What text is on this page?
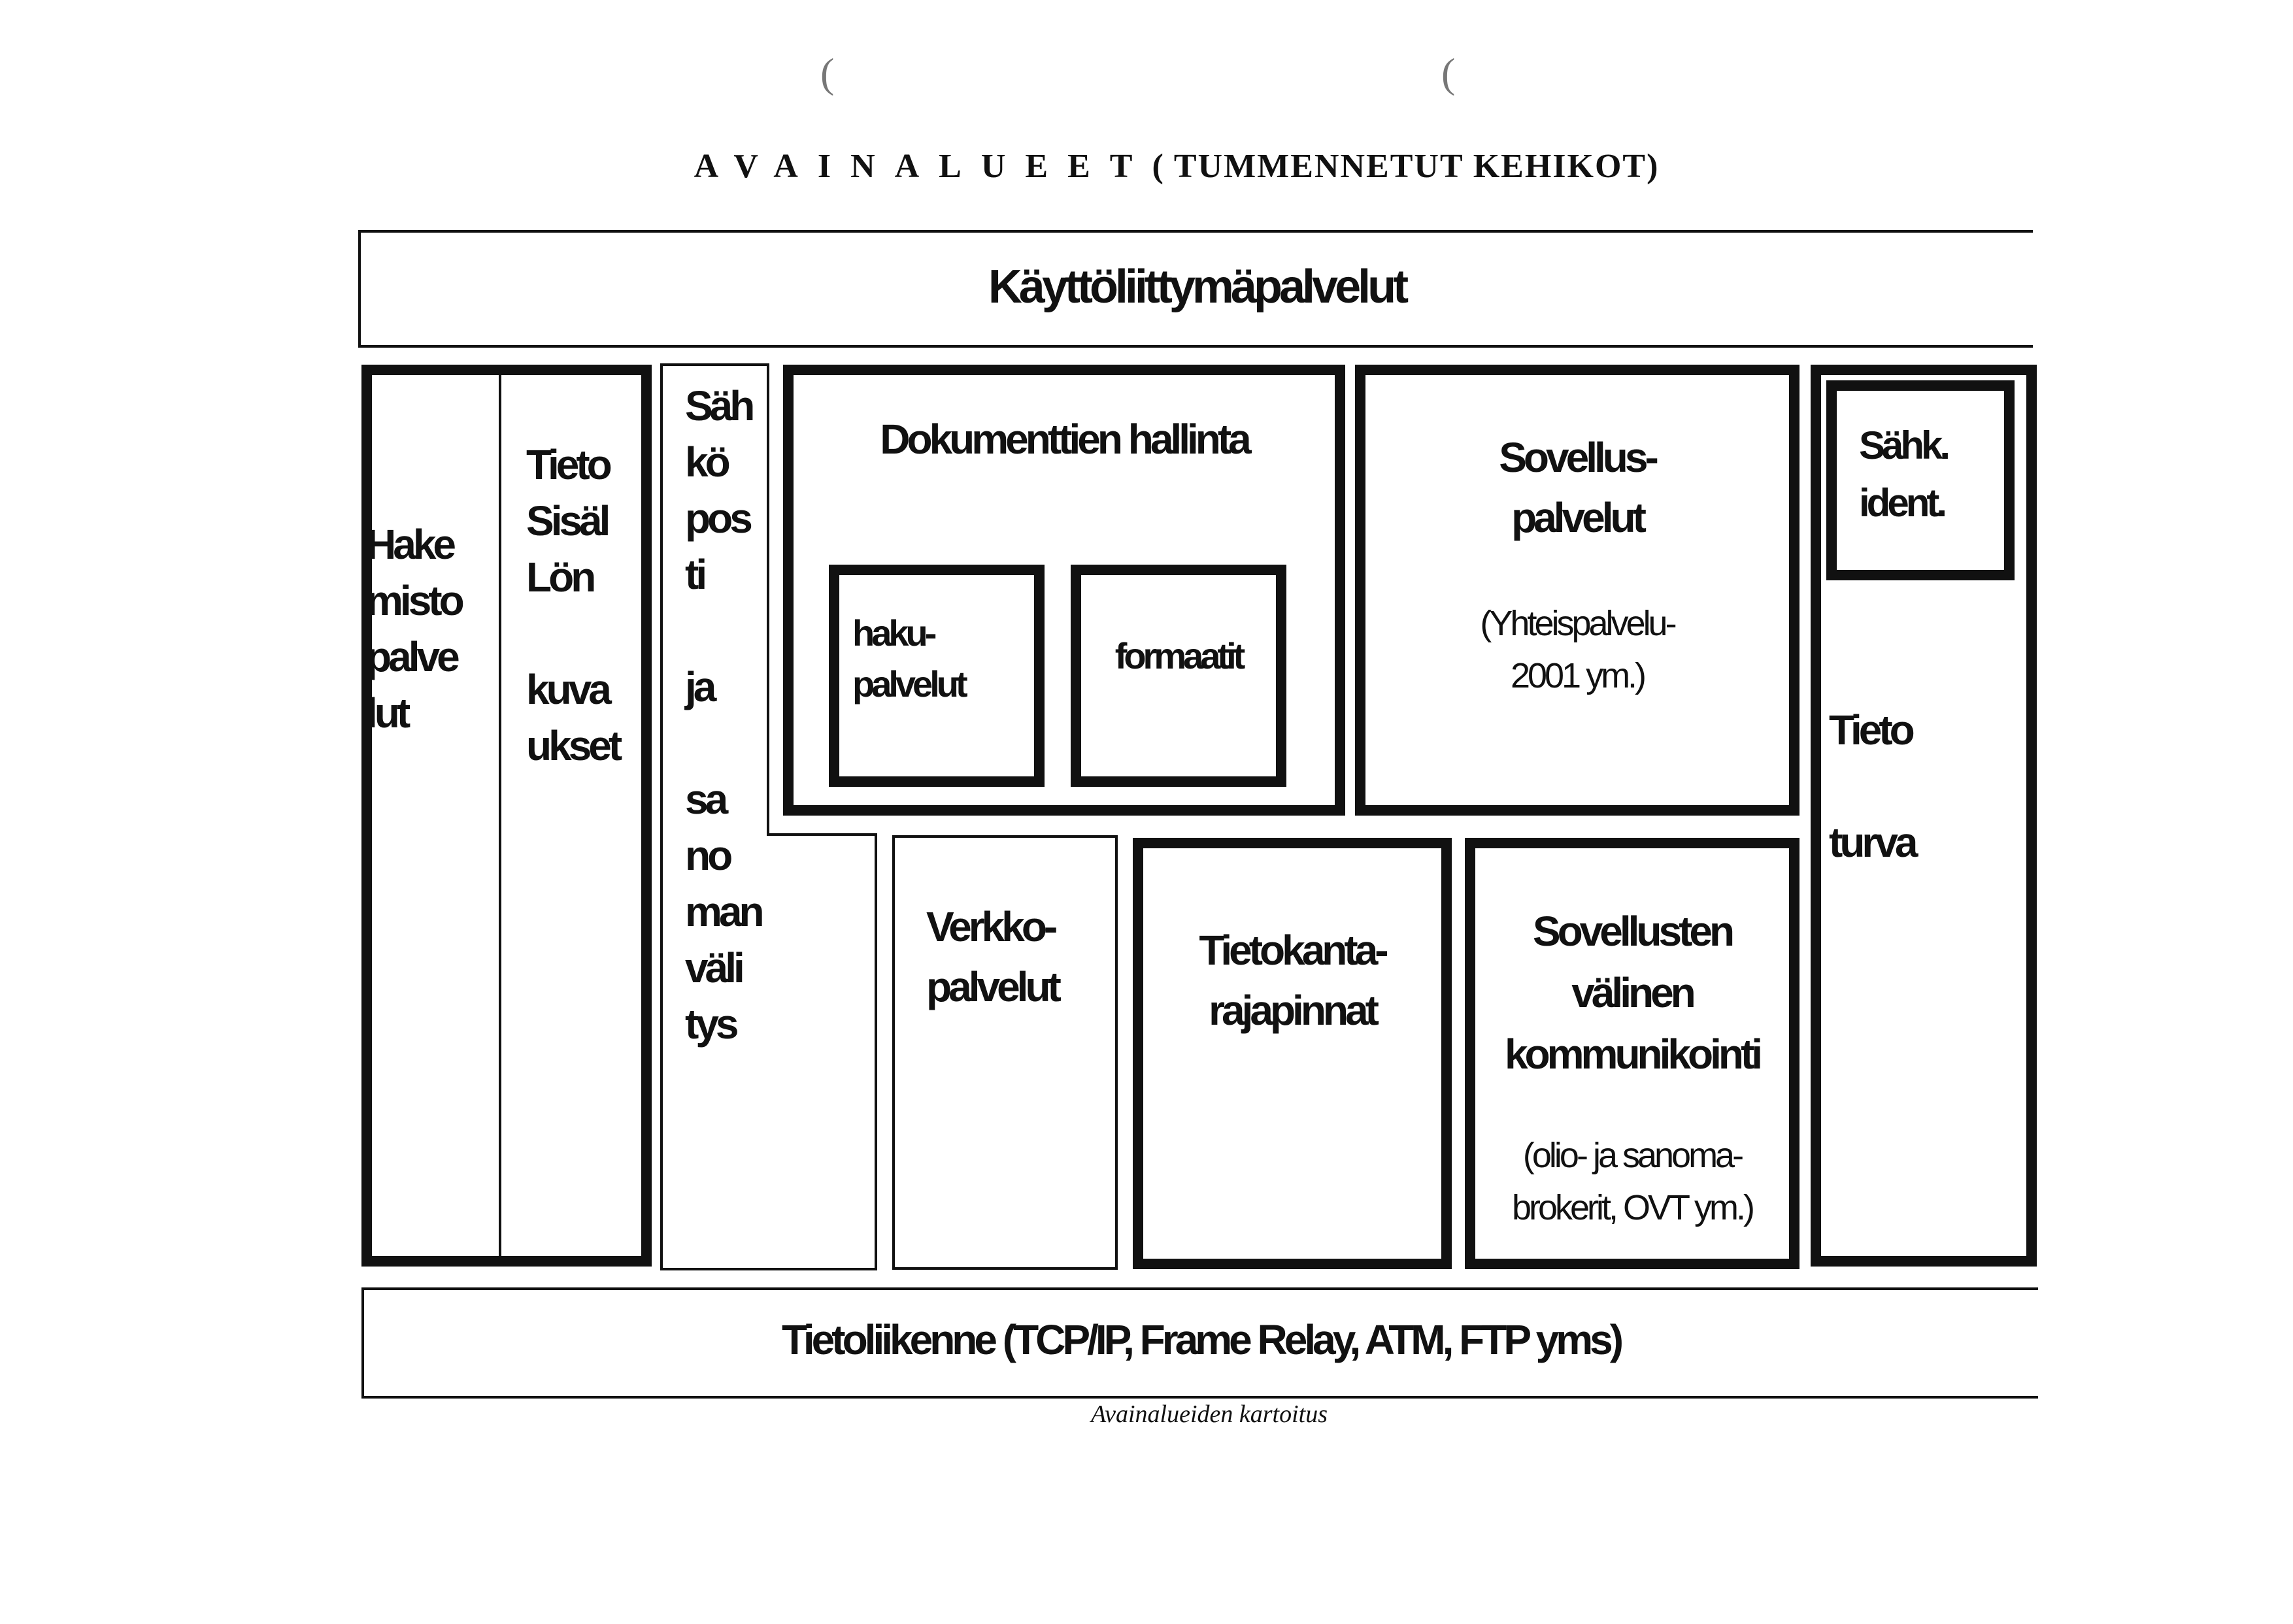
(	(
AVAINALUEET( TUMMENNETUT KEHIKOT)
Käyttöliittymäpalvelut
Hake
misto
palve
lut
Tieto
Sisäl
Lön

kuva
ukset
Säh
kö
pos
ti

ja

sa
no
man
väli
tys
Dokumenttien hallinta
haku-
palvelut
formaatit
Sovellus-
palvelut
(Yhteispalvelu-
2001 ym.)
Sähk.
ident.
Tieto

turva
Verkko-
palvelut
Tietokanta-
rajapinnat
Sovellusten
välinen
kommunikointi
(olio- ja sanoma-
brokerit, OVT ym.)
Tietoliikenne (TCP/IP, Frame Relay, ATM, FTP yms)
Avainalueiden kartoitus
